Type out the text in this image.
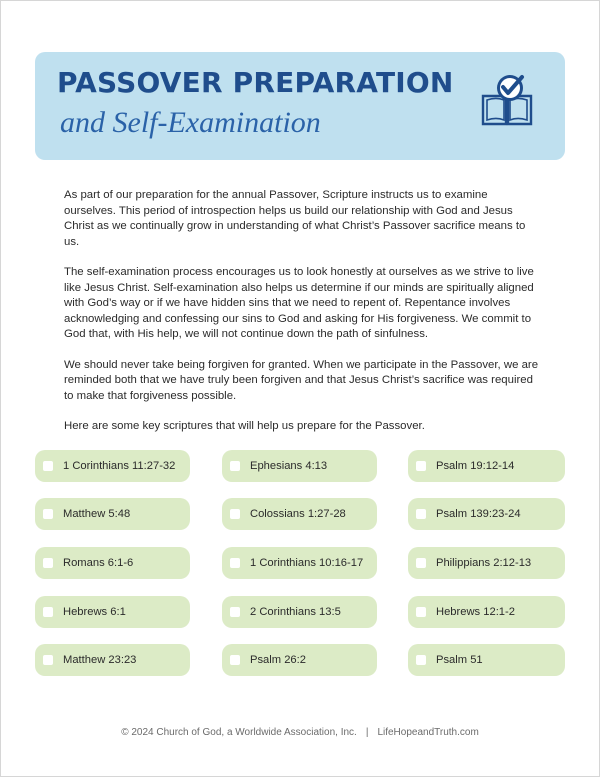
PASSOVER PREPARATION
and Self-Examination

As part of our preparation for the annual Passover, Scripture instructs us to examine ourselves. This period of introspection helps us build our relationship with God and Jesus Christ as we continually grow in understanding of what Christ’s Passover sacrifice means to us.

The self-examination process encourages us to look honestly at ourselves as we strive to live like Jesus Christ. Self-examination also helps us determine if our minds are spiritually aligned with God’s way or if we have hidden sins that we need to repent of. Repentance involves acknowledging and confessing our sins to God and asking for His forgiveness. We commit to God that, with His help, we will not continue down the path of sinfulness.

We should never take being forgiven for granted. When we participate in the Passover, we are reminded both that we have truly been forgiven and that Jesus Christ’s sacrifice was required to make that forgiveness possible.

Here are some key scriptures that will help us prepare for the Passover.

1 Corinthians 11:27-32
Matthew 5:48
Romans 6:1-6
Hebrews 6:1
Matthew 23:23
Ephesians 4:13
Colossians 1:27-28
1 Corinthians 10:16-17
2 Corinthians 13:5
Psalm 26:2
Psalm 19:12-14
Psalm 139:23-24
Philippians 2:12-13
Hebrews 12:1-2
Psalm 51
© 2024 Church of God, a Worldwide Association, Inc. | LifeHopeandTruth.com
